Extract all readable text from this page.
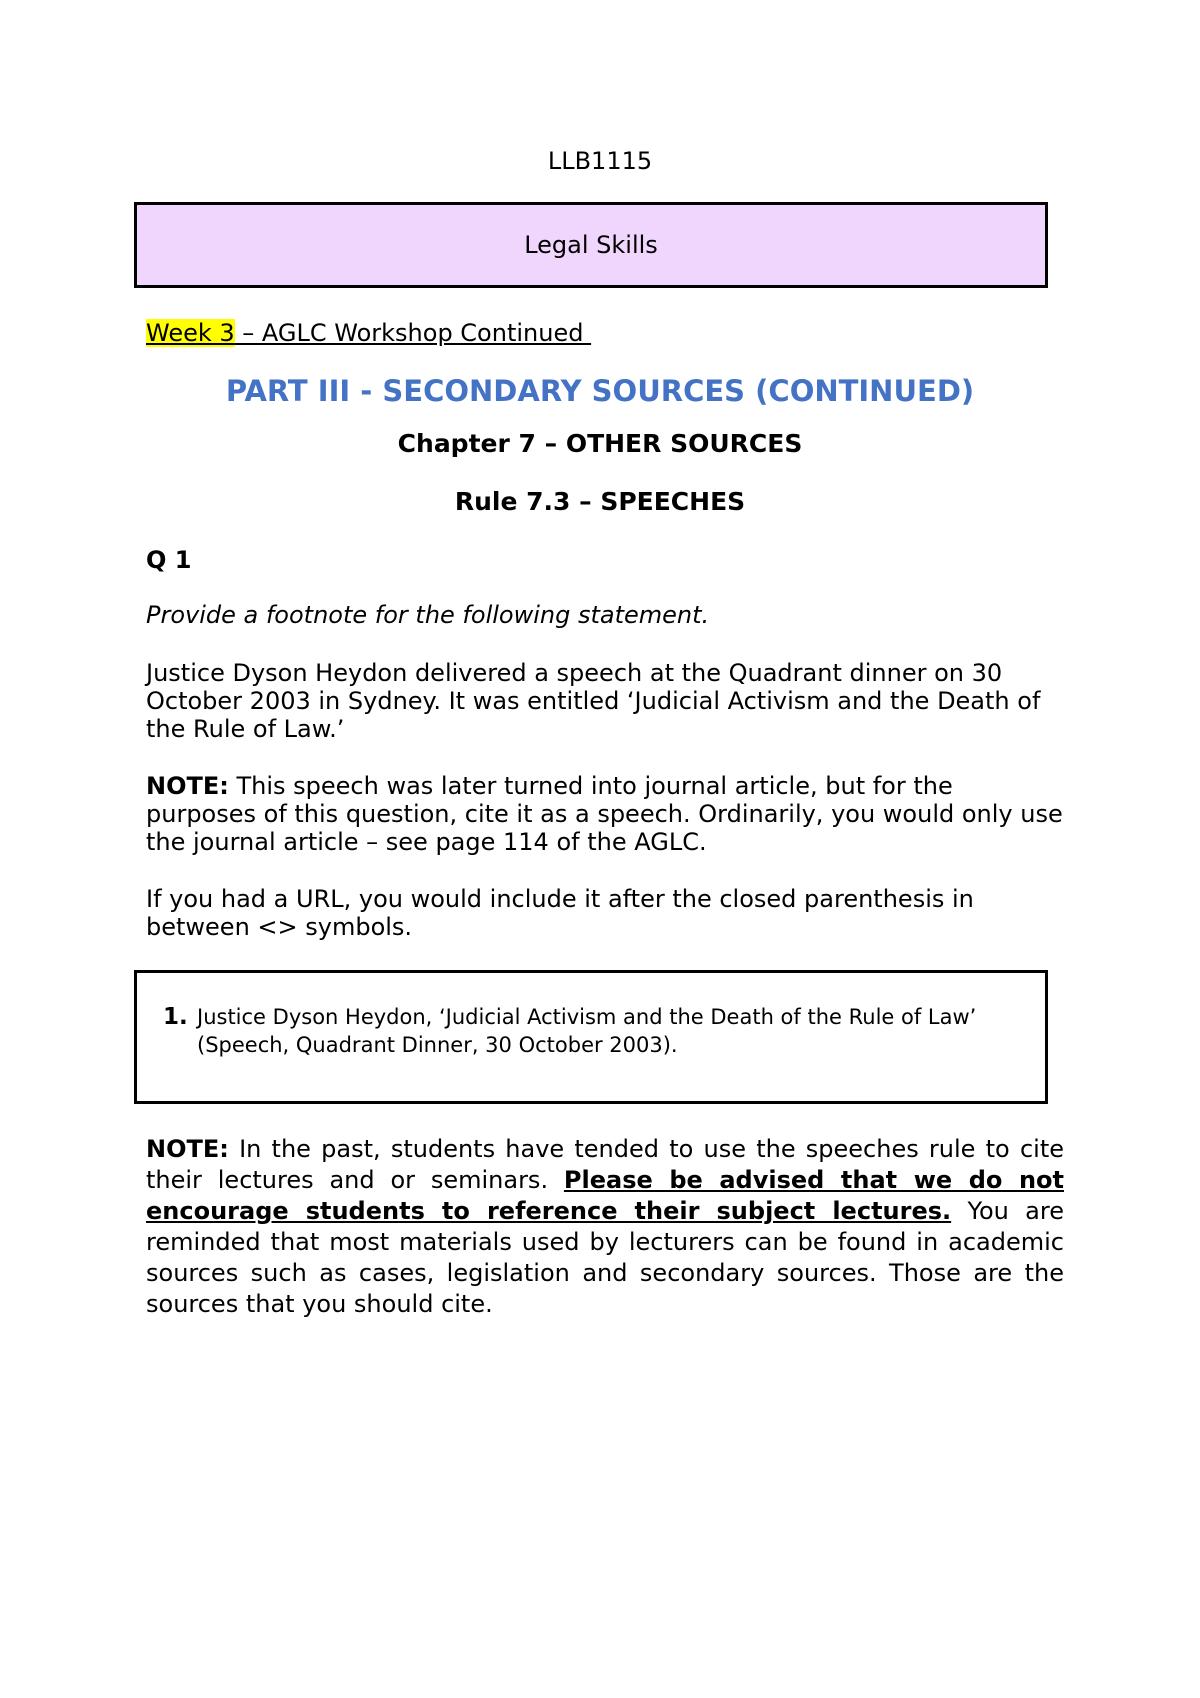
LLB1115
Legal Skills
Week 3 – AGLC Workshop Continued
PART III - SECONDARY SOURCES (CONTINUED)
Chapter 7 – OTHER SOURCES
Rule 7.3 – SPEECHES
Q 1
Provide a footnote for the following statement.
Justice Dyson Heydon delivered a speech at the Quadrant dinner on 30 October 2003 in Sydney. It was entitled ‘Judicial Activism and the Death of the Rule of Law.’
NOTE: This speech was later turned into journal article, but for the purposes of this question, cite it as a speech. Ordinarily, you would only use the journal article – see page 114 of the AGLC.
If you had a URL, you would include it after the closed parenthesis in between <> symbols.
1. Justice Dyson Heydon, ‘Judicial Activism and the Death of the Rule of Law’ (Speech, Quadrant Dinner, 30 October 2003).
NOTE: In the past, students have tended to use the speeches rule to cite their lectures and or seminars. Please be advised that we do not encourage students to reference their subject lectures. You are reminded that most materials used by lecturers can be found in academic sources such as cases, legislation and secondary sources. Those are the sources that you should cite.
